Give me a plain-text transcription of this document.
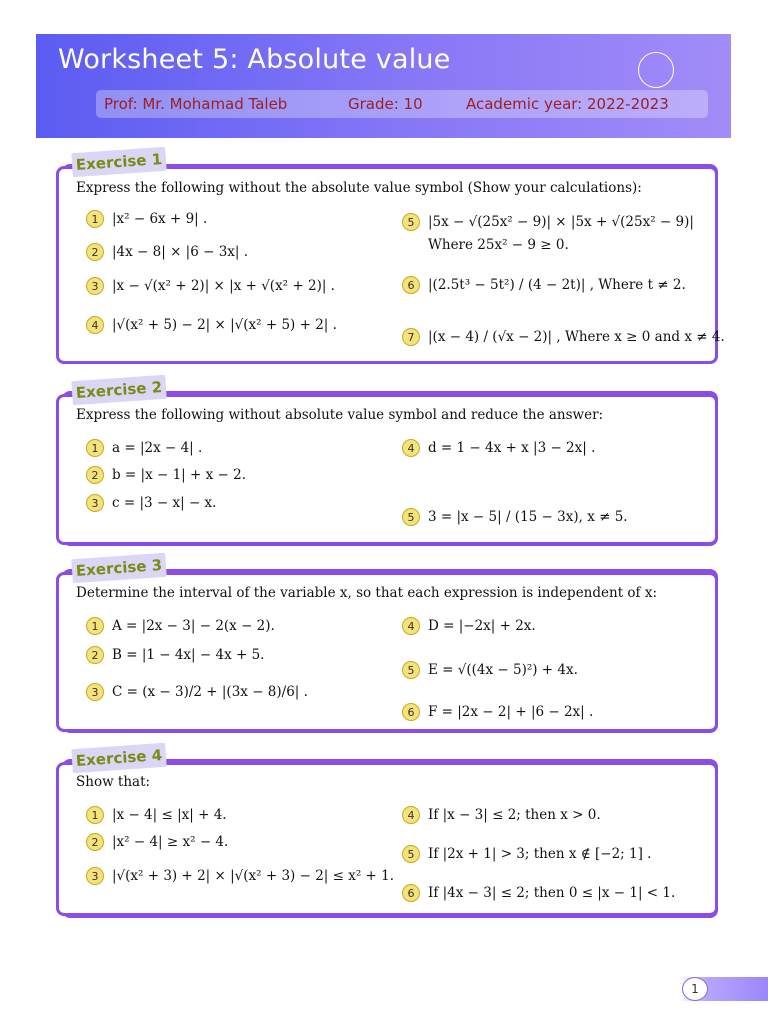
Worksheet 5: Absolute value
Prof: Mr. Mohamad Taleb	Grade: 10	Academic year: 2022-2023
Exercise 1
Express the following without the absolute value symbol (Show your calculations):
1	|x² − 6x + 9| .
2	|4x − 8| × |6 − 3x| .
3	|x − √(x² + 2)| × |x + √(x² + 2)| .
4	|√(x² + 5) − 2| × |√(x² + 5) + 2| .
5	|5x − √(25x² − 9)| × |5x + √(25x² − 9)|
Where 25x² − 9 ≥ 0.
6	|(2.5t³ − 5t²) / (4 − 2t)| , Where t ≠ 2.
7	|(x − 4) / (√x − 2)| , Where x ≥ 0 and x ≠ 4.
Exercise 2
Express the following without absolute value symbol and reduce the answer:
1	a = |2x − 4| .
2	b = |x − 1| + x − 2.
3	c = |3 − x| − x.
4	d = 1 − 4x + x |3 − 2x| .
5	3 = |x − 5| / (15 − 3x), x ≠ 5.
Exercise 3
Determine the interval of the variable x, so that each expression is independent of x:
1	A = |2x − 3| − 2(x − 2).
2	B = |1 − 4x| − 4x + 5.
3	C = (x − 3)/2 + |(3x − 8)/6| .
4	D = |−2x| + 2x.
5	E = √((4x − 5)²) + 4x.
6	F = |2x − 2| + |6 − 2x| .
Exercise 4
Show that:
1	|x − 4| ≤ |x| + 4.
2	|x² − 4| ≥ x² − 4.
3	|√(x² + 3) + 2| × |√(x² + 3) − 2| ≤ x² + 1.
4	If |x − 3| ≤ 2; then x > 0.
5	If |2x + 1| > 3; then x ∉ [−2; 1] .
6	If |4x − 3| ≤ 2; then 0 ≤ |x − 1| < 1.
1
